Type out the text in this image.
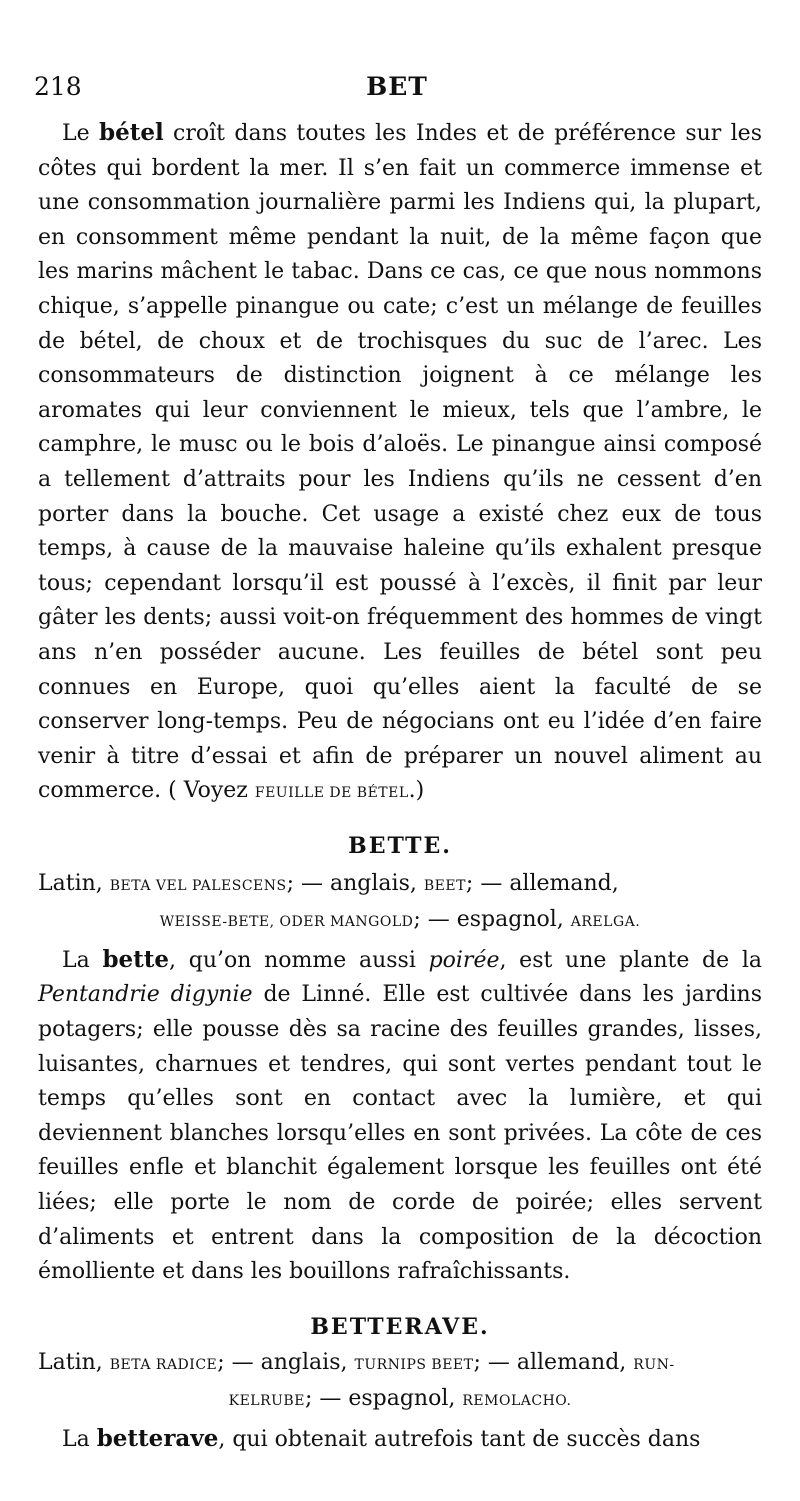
218	BET

Le bétel croît dans toutes les Indes et de préférence sur les côtes qui bordent la mer. Il s’en fait un commerce immense et une consommation journalière parmi les Indiens qui, la plupart, en consomment même pendant la nuit, de la même façon que les marins mâchent le tabac. Dans ce cas, ce que nous nommons chique, s’appelle pinangue ou cate; c’est un mélange de feuilles de bétel, de choux et de trochisques du suc de l’arec. Les consommateurs de distinction joignent à ce mélange les aromates qui leur conviennent le mieux, tels que l’ambre, le camphre, le musc ou le bois d’aloës. Le pinangue ainsi composé a tellement d’attraits pour les Indiens qu’ils ne cessent d’en porter dans la bouche. Cet usage a existé chez eux de tous temps, à cause de la mauvaise haleine qu’ils exhalent presque tous; cependant lorsqu’il est poussé à l’excès, il finit par leur gâter les dents; aussi voit-on fréquemment des hommes de vingt ans n’en posséder aucune. Les feuilles de bétel sont peu connues en Europe, quoi qu’elles aient la faculté de se conserver long-temps. Peu de négocians ont eu l’idée d’en faire venir à titre d’essai et afin de préparer un nouvel aliment au commerce. ( Voyez FEUILLE DE BÉTEL.)

BETTE.
Latin, BETA VEL PALESCENS; — anglais, BEET; — allemand,
WEISSE-BETE, ODER MANGOLD; — espagnol, ARELGA.

La bette, qu’on nomme aussi poirée, est une plante de la Pentandrie digynie de Linné. Elle est cultivée dans les jardins potagers; elle pousse dès sa racine des feuilles grandes, lisses, luisantes, charnues et tendres, qui sont vertes pendant tout le temps qu’elles sont en contact avec la lumière, et qui deviennent blanches lorsqu’elles en sont privées. La côte de ces feuilles enfle et blanchit également lorsque les feuilles ont été liées; elle porte le nom de corde de poirée; elles servent d’aliments et entrent dans la composition de la décoction émolliente et dans les bouillons rafraîchissants.

BETTERAVE.
Latin, BETA RADICE; — anglais, TURNIPS BEET; — allemand, RUN-
KELRUBE; — espagnol, REMOLACHO.

La betterave, qui obtenait autrefois tant de succès dans
